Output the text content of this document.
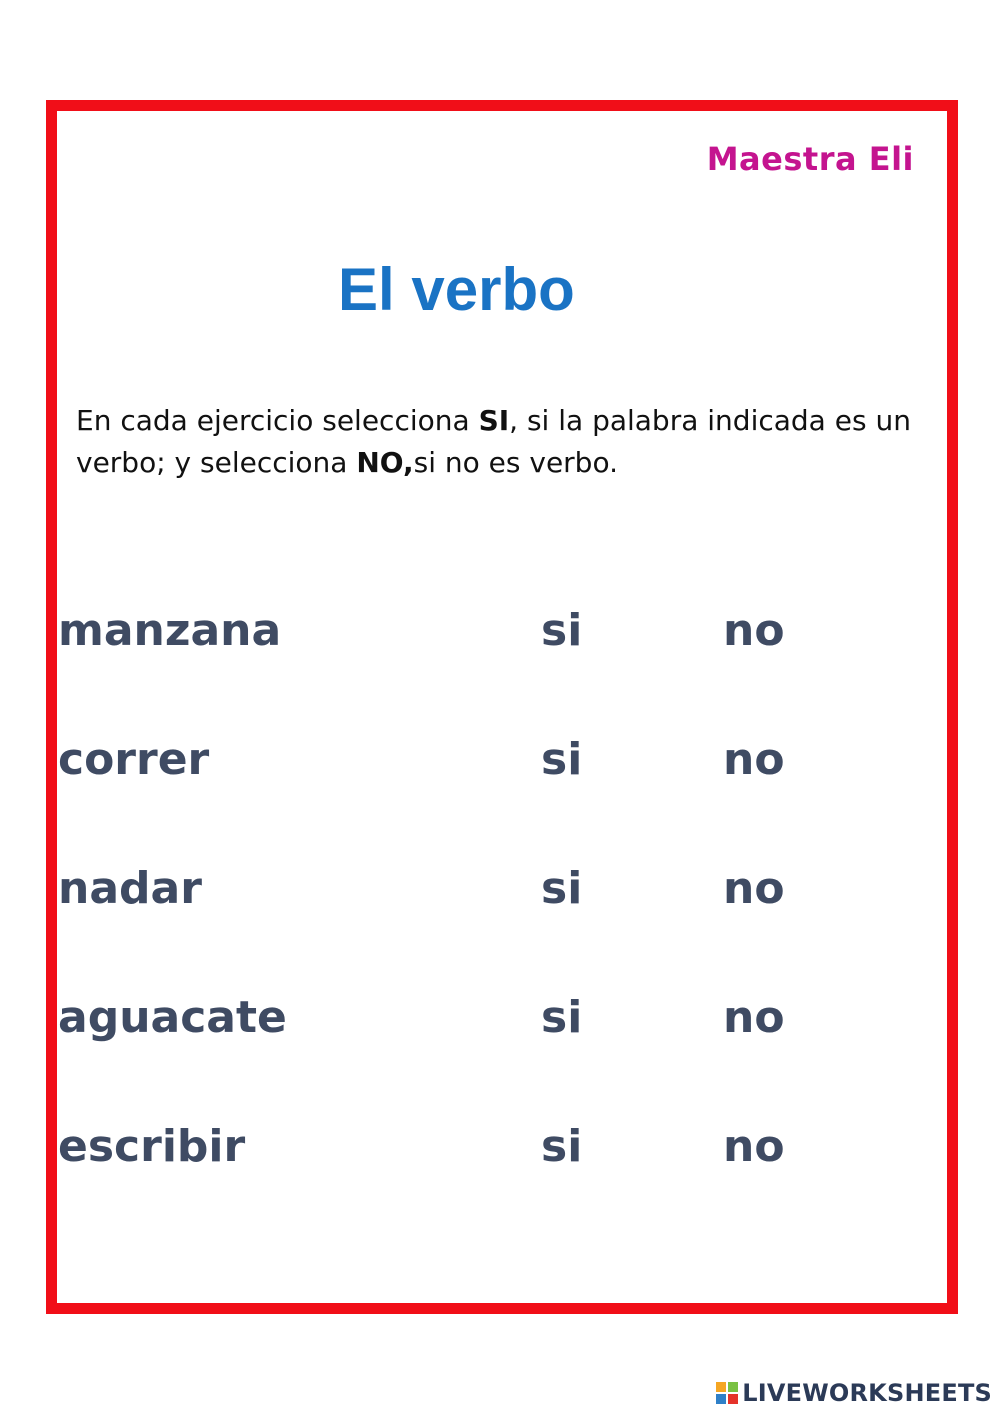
Maestra Eli
El verbo
En cada ejercicio selecciona SI, si la palabra indicada es un verbo; y selecciona NO,si no es verbo.
manzana	si	no
correr	si	no
nadar	si	no
aguacate	si	no
escribir	si	no
LIVEWORKSHEETS
